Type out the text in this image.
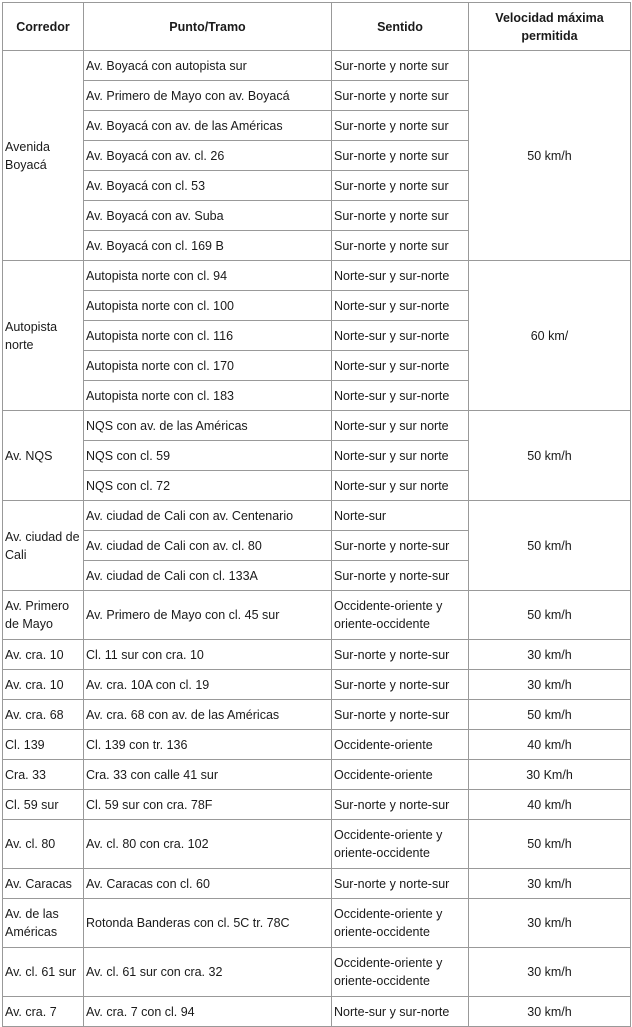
Corredor	Punto/Tramo	Sentido	Velocidad máxima permitida
Avenida Boyacá	Av. Boyacá con autopista sur	Sur-norte y norte sur	50 km/h
	Av. Primero de Mayo con av. Boyacá	Sur-norte y norte sur	
	Av. Boyacá con av. de las Américas	Sur-norte y norte sur	
	Av. Boyacá con av. cl. 26	Sur-norte y norte sur	
	Av. Boyacá con cl. 53	Sur-norte y norte sur	
	Av. Boyacá con av. Suba	Sur-norte y norte sur	
	Av. Boyacá con cl. 169 B	Sur-norte y norte sur	
Autopista norte	Autopista norte con cl. 94	Norte-sur y sur-norte	60 km/
	Autopista norte con cl. 100	Norte-sur y sur-norte	
	Autopista norte con cl. 116	Norte-sur y sur-norte	
	Autopista norte con cl. 170	Norte-sur y sur-norte	
	Autopista norte con cl. 183	Norte-sur y sur-norte	
Av. NQS	NQS con av. de las Américas	Norte-sur y sur norte	50 km/h
	NQS con cl. 59	Norte-sur y sur norte	
	NQS con cl. 72	Norte-sur y sur norte	
Av. ciudad de Cali	Av. ciudad de Cali con av. Centenario	Norte-sur	50 km/h
	Av. ciudad de Cali con av. cl. 80	Sur-norte y norte-sur	
	Av. ciudad de Cali con cl. 133A	Sur-norte y norte-sur	
Av. Primero de Mayo	Av. Primero de Mayo con cl. 45 sur	Occidente-oriente y oriente-occidente	50 km/h
Av. cra. 10	Cl. 11 sur con cra. 10	Sur-norte y norte-sur	30 km/h
Av. cra. 10	Av. cra. 10A con cl. 19	Sur-norte y norte-sur	30 km/h
Av. cra. 68	Av. cra. 68 con av. de las Américas	Sur-norte y norte-sur	50 km/h
Cl. 139	Cl. 139 con tr. 136	Occidente-oriente	40 km/h
Cra. 33	Cra. 33 con calle 41 sur	Occidente-oriente	30 Km/h
Cl. 59 sur	Cl. 59 sur con cra. 78F	Sur-norte y norte-sur	40 km/h
Av. cl. 80	Av. cl. 80 con cra. 102	Occidente-oriente y oriente-occidente	50 km/h
Av. Caracas	Av. Caracas con cl. 60	Sur-norte y norte-sur	30 km/h
Av. de las Américas	Rotonda Banderas con cl. 5C tr. 78C	Occidente-oriente y oriente-occidente	30 km/h
Av. cl. 61 sur	Av. cl. 61 sur con cra. 32	Occidente-oriente y oriente-occidente	30 km/h
Av. cra. 7	Av. cra. 7 con cl. 94	Norte-sur y sur-norte	30 km/h
